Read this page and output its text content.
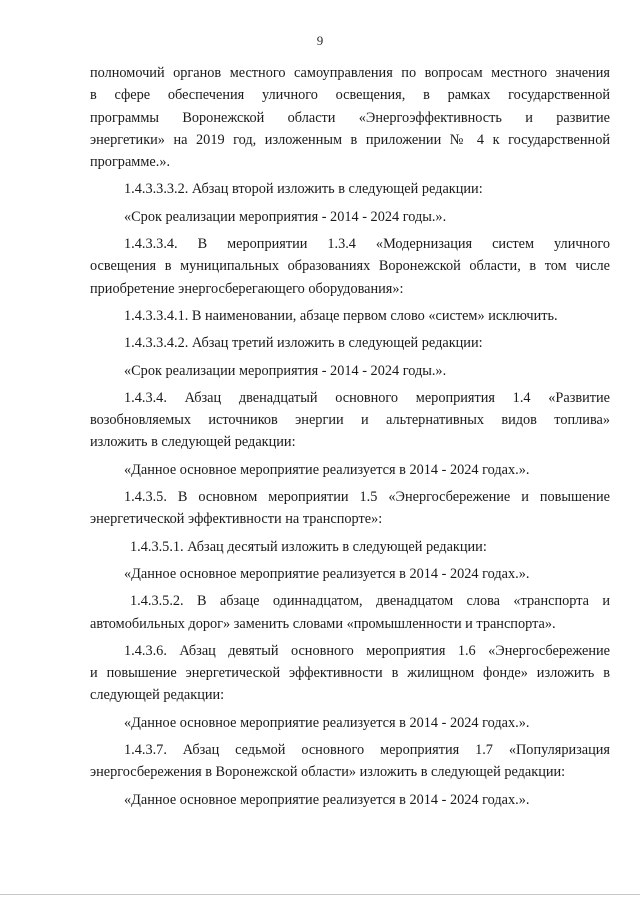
9
полномочий органов местного самоуправления по вопросам местного значения
в сфере обеспечения уличного освещения, в рамках государственной
программы Воронежской области «Энергоэффективность и развитие
энергетики» на 2019 год, изложенным в приложении № 4 к государственной
программе.».
1.4.3.3.3.2. Абзац второй изложить в следующей редакции:
«Срок реализации мероприятия - 2014 - 2024 годы.».
1.4.3.3.4. В мероприятии 1.3.4 «Модернизация систем уличного
освещения в муниципальных образованиях Воронежской области, в том числе
приобретение энергосберегающего оборудования»:
1.4.3.3.4.1. В наименовании, абзаце первом слово «систем» исключить.
1.4.3.3.4.2. Абзац третий изложить в следующей редакции:
«Срок реализации мероприятия - 2014 - 2024 годы.».
1.4.3.4. Абзац двенадцатый основного мероприятия 1.4 «Развитие
возобновляемых источников энергии и альтернативных видов топлива»
изложить в следующей редакции:
«Данное основное мероприятие реализуется в 2014 - 2024 годах.».
1.4.3.5. В основном мероприятии 1.5 «Энергосбережение и повышение
энергетической эффективности на транспорте»:
1.4.3.5.1. Абзац десятый изложить в следующей редакции:
«Данное основное мероприятие реализуется в 2014 - 2024 годах.».
1.4.3.5.2. В абзаце одиннадцатом, двенадцатом слова «транспорта и
автомобильных дорог» заменить словами «промышленности и транспорта».
1.4.3.6. Абзац девятый основного мероприятия 1.6 «Энергосбережение
и повышение энергетической эффективности в жилищном фонде» изложить в
следующей редакции:
«Данное основное мероприятие реализуется в 2014 - 2024 годах.».
1.4.3.7. Абзац седьмой основного мероприятия 1.7 «Популяризация
энергосбережения в Воронежской области» изложить в следующей редакции:
«Данное основное мероприятие реализуется в 2014 - 2024 годах.».
